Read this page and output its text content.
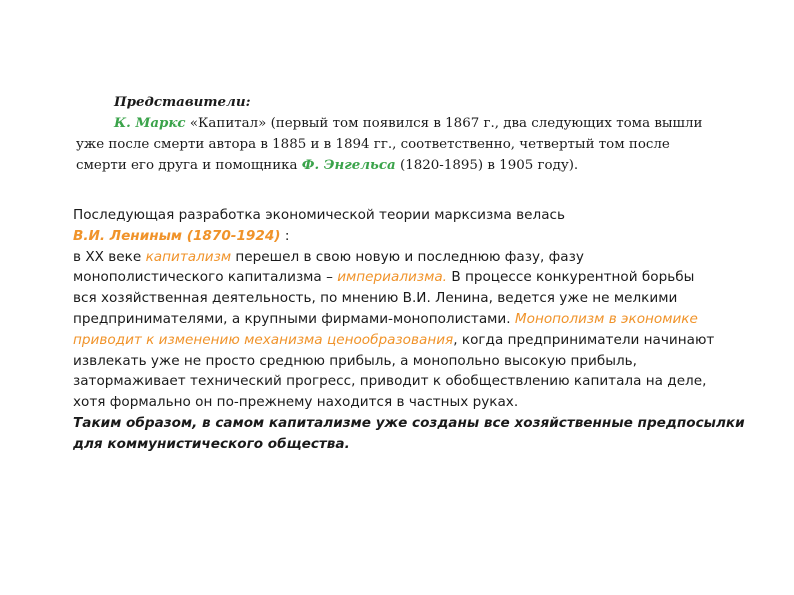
Представители:
К. Маркс «Капитал» (первый том появился в 1867 г., два следующих тома вышли уже после смерти автора в 1885 и в 1894 гг., соответственно, четвертый том после смерти его друга и помощника Ф. Энгельса (1820-1895) в 1905 году).
Последующая разработка экономической теории марксизма велась
В.И. Лениным (1870-1924) :
в XX веке капитализм перешел в свою новую и последнюю фазу, фазу
монополистического капитализма – империализма. В процессе конкурентной борьбы
вся хозяйственная деятельность, по мнению В.И. Ленина, ведется уже не мелкими
предпринимателями, а крупными фирмами-монополистами. Монополизм в экономике
приводит к изменению механизма ценообразования, когда предприниматели начинают
извлекать уже не просто среднюю прибыль, а монопольно высокую прибыль,
затормаживает технический прогресс, приводит к обобществлению капитала на деле,
хотя формально он по-прежнему находится в частных руках.
Таким образом, в самом капитализме уже созданы все хозяйственные предпосылки
для коммунистического общества.
